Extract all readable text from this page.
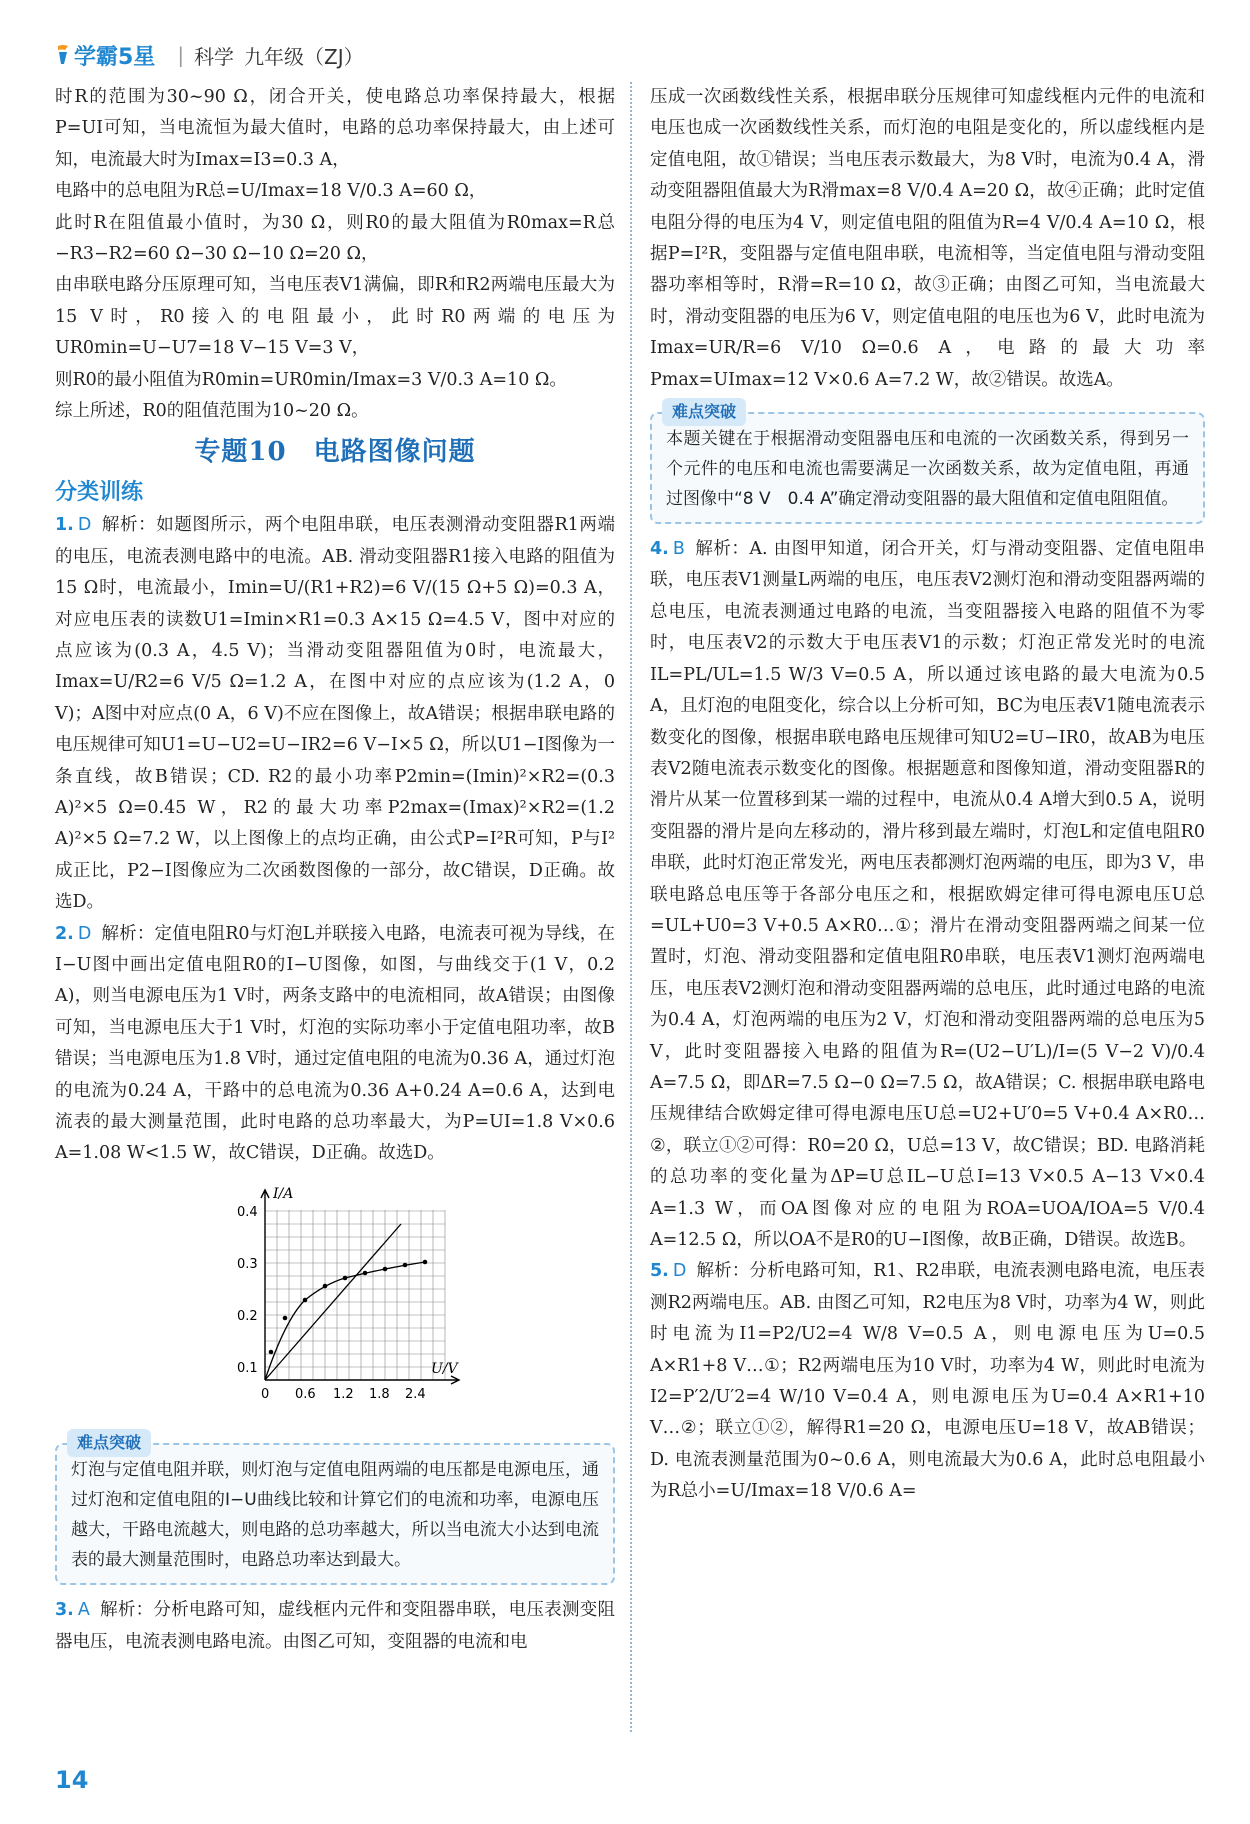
学霸5星 | 科学 九年级（ZJ）

时R的范围为30~90 Ω，闭合开关，使电路总功率保持最大，根据P=UI可知，当电流恒为最大值时，电路的总功率保持最大，由上述可知，电流最大时为Imax=I3=0.3 A，

电路中的总电阻为R总=U/Imax=18 V/0.3 A=60 Ω，

此时R在阻值最小值时，为30 Ω，则R0的最大阻值为R0max=R总−R3−R2=60 Ω−30 Ω−10 Ω=20 Ω，

由串联电路分压原理可知，当电压表V1满偏，即R和R2两端电压最大为15 V时，R0接入的电阻最小，此时R0两端的电压为UR0min=U−U7=18 V−15 V=3 V，

则R0的最小阻值为R0min=UR0min/Imax=3 V/0.3 A=10 Ω。

综上所述，R0的阻值范围为10~20 Ω。

专题10　电路图像问题
分类训练

1. D 解析：如题图所示，两个电阻串联，电压表测滑动变阻器R1两端的电压，电流表测电路中的电流。AB. 滑动变阻器R1接入电路的阻值为15 Ω时，电流最小，Imin=U/(R1+R2)=6 V/(15 Ω+5 Ω)=0.3 A，对应电压表的读数U1=Imin×R1=0.3 A×15 Ω=4.5 V，图中对应的点应该为(0.3 A，4.5 V)；当滑动变阻器阻值为0时，电流最大，Imax=U/R2=6 V/5 Ω=1.2 A，在图中对应的点应该为(1.2 A，0 V)；A图中对应点(0 A，6 V)不应在图像上，故A错误；根据串联电路的电压规律可知U1=U−U2=U−IR2=6 V−I×5 Ω，所以U1−I图像为一条直线，故B错误；CD. R2的最小功率P2min=(Imin)²×R2=(0.3 A)²×5 Ω=0.45 W，R2的最大功率P2max=(Imax)²×R2=(1.2 A)²×5 Ω=7.2 W，以上图像上的点均正确，由公式P=I²R可知，P与I²成正比，P2−I图像应为二次函数图像的一部分，故C错误，D正确。故选D。

2. D 解析：定值电阻R0与灯泡L并联接入电路，电流表可视为导线，在I−U图中画出定值电阻R0的I−U图像，如图，与曲线交于(1 V，0.2 A)，则当电源电压为1 V时，两条支路中的电流相同，故A错误；由图像可知，当电源电压大于1 V时，灯泡的实际功率小于定值电阻功率，故B错误；当电源电压为1.8 V时，通过定值电阻的电流为0.36 A，通过灯泡的电流为0.24 A，干路中的总电流为0.36 A+0.24 A=0.6 A，达到电流表的最大测量范围，此时电路的总功率最大，为P=UI=1.8 V×0.6 A=1.08 W<1.5 W，故C错误，D正确。故选D。

I/A
U/V
0.4
0.3
0.2
0.1
0 0.6 1.2 1.8 2.4
难点突破
灯泡与定值电阻并联，则灯泡与定值电阻两端的电压都是电源电压，通过灯泡和定值电阻的I−U曲线比较和计算它们的电流和功率，电源电压越大，干路电流越大，则电路的总功率越大，所以当电流大小达到电流表的最大测量范围时，电路总功率达到最大。

3. A 解析：分析电路可知，虚线框内元件和变阻器串联，电压表测变阻器电压，电流表测电路电流。由图乙可知，变阻器的电流和电

压成一次函数线性关系，根据串联分压规律可知虚线框内元件的电流和电压也成一次函数线性关系，而灯泡的电阻是变化的，所以虚线框内是定值电阻，故①错误；当电压表示数最大，为8 V时，电流为0.4 A，滑动变阻器阻值最大为R滑max=8 V/0.4 A=20 Ω，故④正确；此时定值电阻分得的电压为4 V，则定值电阻的阻值为R=4 V/0.4 A=10 Ω，根据P=I²R，变阻器与定值电阻串联，电流相等，当定值电阻与滑动变阻器功率相等时，R滑=R=10 Ω，故③正确；由图乙可知，当电流最大时，滑动变阻器的电压为6 V，则定值电阻的电压也为6 V，此时电流为Imax=UR/R=6 V/10 Ω=0.6 A，电路的最大功率Pmax=UImax=12 V×0.6 A=7.2 W，故②错误。故选A。

难点突破
本题关键在于根据滑动变阻器电压和电流的一次函数关系，得到另一个元件的电压和电流也需要满足一次函数关系，故为定值电阻，再通过图像中“8 V　0.4 A”确定滑动变阻器的最大阻值和定值电阻阻值。

4. B 解析：A. 由图甲知道，闭合开关，灯与滑动变阻器、定值电阻串联，电压表V1测量L两端的电压，电压表V2测灯泡和滑动变阻器两端的总电压，电流表测通过电路的电流，当变阻器接入电路的阻值不为零时，电压表V2的示数大于电压表V1的示数；灯泡正常发光时的电流IL=PL/UL=1.5 W/3 V=0.5 A，所以通过该电路的最大电流为0.5 A，且灯泡的电阻变化，综合以上分析可知，BC为电压表V1随电流表示数变化的图像，根据串联电路电压规律可知U2=U−IR0，故AB为电压表V2随电流表示数变化的图像。根据题意和图像知道，滑动变阻器R的滑片从某一位置移到某一端的过程中，电流从0.4 A增大到0.5 A，说明变阻器的滑片是向左移动的，滑片移到最左端时，灯泡L和定值电阻R0串联，此时灯泡正常发光，两电压表都测灯泡两端的电压，即为3 V，串联电路总电压等于各部分电压之和，根据欧姆定律可得电源电压U总=UL+U0=3 V+0.5 A×R0…①；滑片在滑动变阻器两端之间某一位置时，灯泡、滑动变阻器和定值电阻R0串联，电压表V1测灯泡两端电压，电压表V2测灯泡和滑动变阻器两端的总电压，此时通过电路的电流为0.4 A，灯泡两端的电压为2 V，灯泡和滑动变阻器两端的总电压为5 V，此时变阻器接入电路的阻值为R=(U2−U′L)/I=(5 V−2 V)/0.4 A=7.5 Ω，即ΔR=7.5 Ω−0 Ω=7.5 Ω，故A错误；C. 根据串联电路电压规律结合欧姆定律可得电源电压U总=U2+U′0=5 V+0.4 A×R0…②，联立①②可得：R0=20 Ω，U总=13 V，故C错误；BD. 电路消耗的总功率的变化量为ΔP=U总IL−U总I=13 V×0.5 A−13 V×0.4 A=1.3 W，而OA图像对应的电阻为ROA=UOA/IOA=5 V/0.4 A=12.5 Ω，所以OA不是R0的U−I图像，故B正确，D错误。故选B。

5. D 解析：分析电路可知，R1、R2串联，电流表测电路电流，电压表测R2两端电压。AB. 由图乙可知，R2电压为8 V时，功率为4 W，则此时电流为I1=P2/U2=4 W/8 V=0.5 A，则电源电压为U=0.5 A×R1+8 V…①；R2两端电压为10 V时，功率为4 W，则此时电流为I2=P′2/U′2=4 W/10 V=0.4 A，则电源电压为U=0.4 A×R1+10 V…②；联立①②，解得R1=20 Ω，电源电压U=18 V，故AB错误；D. 电流表测量范围为0~0.6 A，则电流最大为0.6 A，此时总电阻最小为R总小=U/Imax=18 V/0.6 A=

14
